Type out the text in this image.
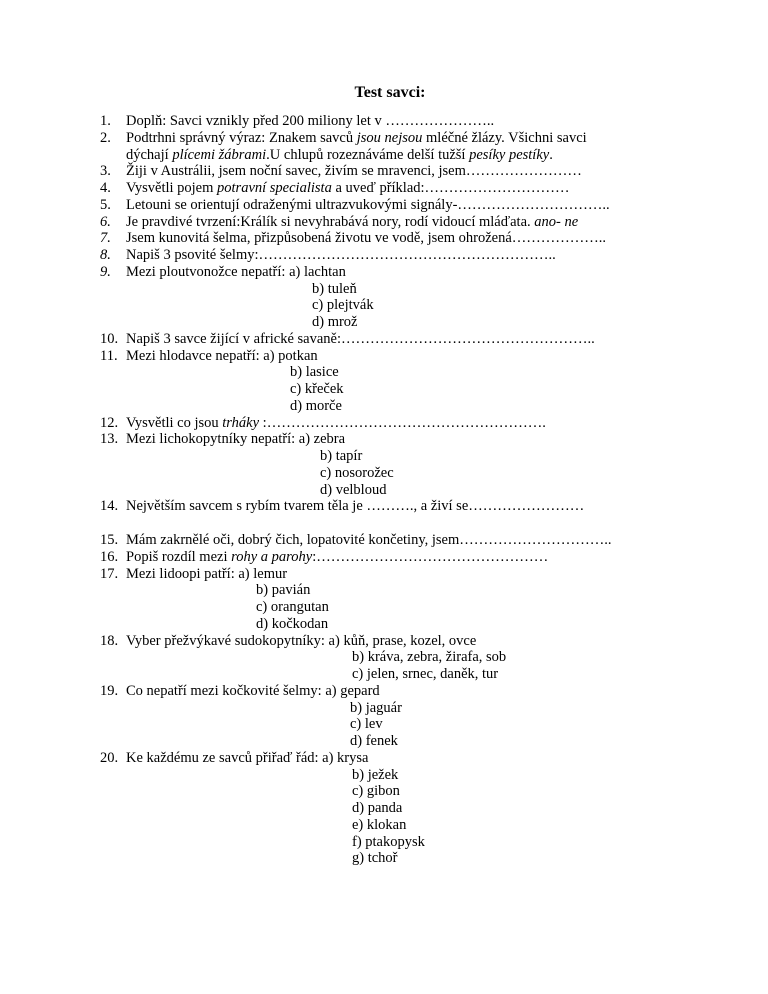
Test savci:
1.	Doplň: Savci vznikly před 200 miliony let v …………………..
2.	Podtrhni správný výraz: Znakem savců jsou nejsou mléčné žlázy. Všichni savci
dýchají plícemi žábrami.U chlupů rozeznáváme delší tužší pesíky pestíky.
3.	Žiji v Austrálii, jsem noční savec, živím se mravenci, jsem……………………
4.	Vysvětli pojem potravní specialista a uveď příklad:…………………………
5.	Letouni se orientují odraženými ultrazvukovými signály-…………………………..
6.	Je pravdivé tvrzení:Králík si nevyhrabává nory, rodí vidoucí mláďata. ano- ne
7.	Jsem kunovitá šelma, přizpůsobená životu ve vodě, jsem ohrožená………………..
8.	Napiš 3 psovité šelmy:……………………………………………………..
9.	Mezi ploutvonožce nepatří: a) lachtan
b) tuleň
c) plejtvák
d) mrož
10. Napiš 3 savce žijící v africké savaně:……………………………………………..
11. Mezi hlodavce nepatří: a) potkan
b) lasice
c) křeček
d) morče
12. Vysvětli co jsou trháky :………………………………………………….
13. Mezi lichokopytníky nepatří: a) zebra
b) tapír
c) nosorožec
d) velbloud
14. Největším savcem s rybím tvarem těla je ………., a živí se……………………
15. Mám zakrnělé oči, dobrý čich, lopatovité končetiny, jsem…………………………..
16. Popiš rozdíl mezi rohy a parohy:…………………………………………
17. Mezi lidoopi patří: a) lemur
b) pavián
c) orangutan
d) kočkodan
18. Vyber přežvýkavé sudokopytníky: a) kůň, prase, kozel, ovce
b) kráva, zebra, žirafa, sob
c) jelen, srnec, daněk, tur
19. Co nepatří mezi kočkovité šelmy: a) gepard
b) jaguár
c) lev
d) fenek
20. Ke každému ze savců přiřaď řád: a) krysa
b) ježek
c) gibon
d) panda
e) klokan
f) ptakopysk
g) tchoř
